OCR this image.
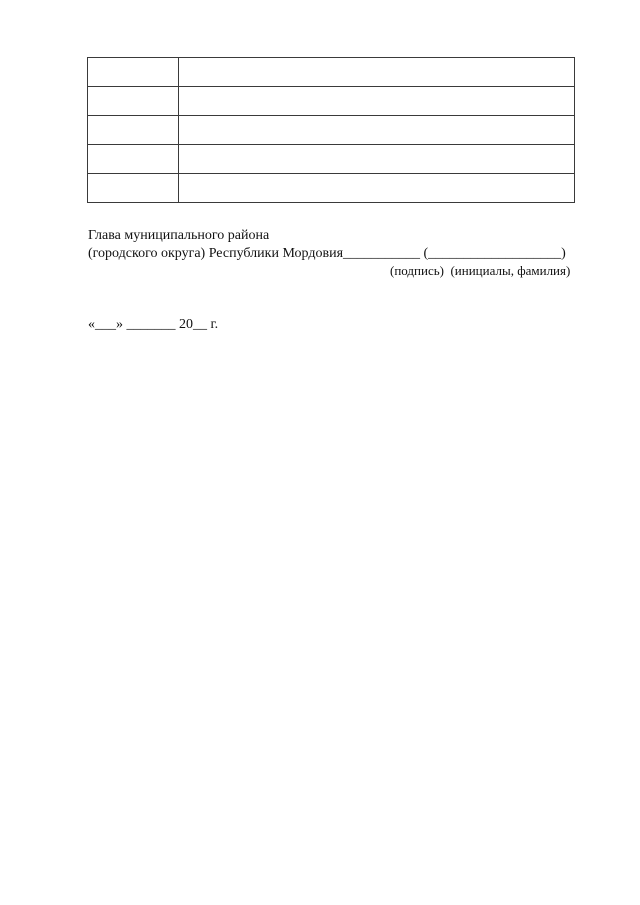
Глава муниципального района
(городского округа) Республики Мордовия___________ (___________________)
(подпись)  (инициалы, фамилия)
«___» _______ 20__ г.
